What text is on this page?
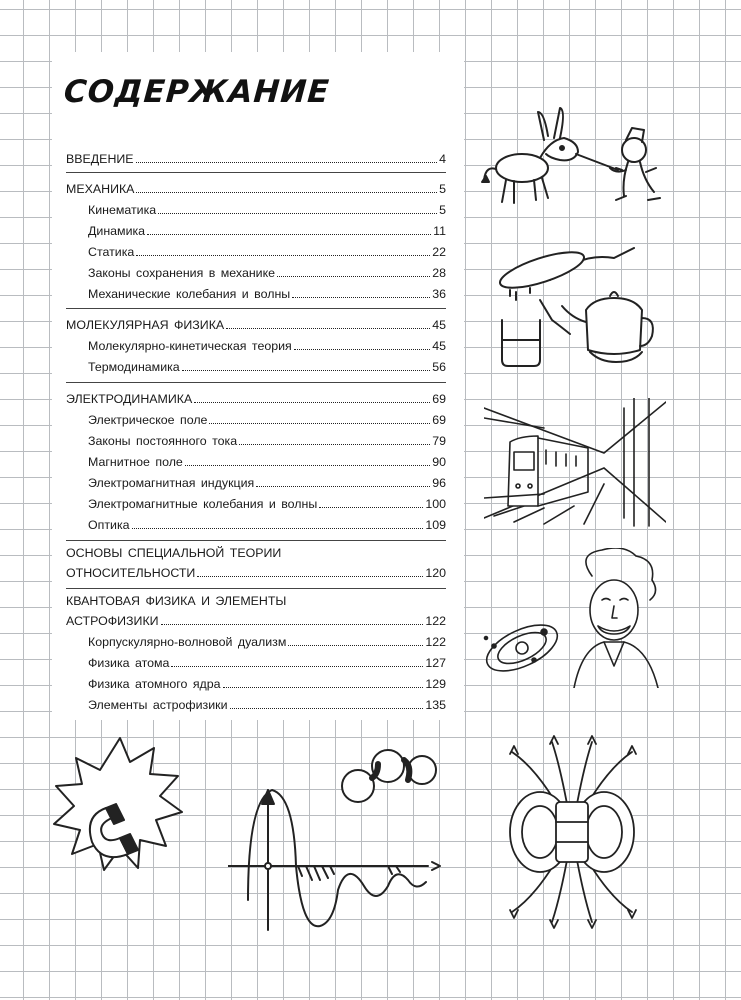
СОДЕРЖАНИЕ
ВВЕДЕНИЕ	4
МЕХАНИКА	5
Кинематика	5
Динамика	11
Статика	22
Законы сохранения в механике	28
Механические колебания и волны	36
МОЛЕКУЛЯРНАЯ ФИЗИКА	45
Молекулярно-кинетическая теория	45
Термодинамика	56
ЭЛЕКТРОДИНАМИКА	69
Электрическое поле	69
Законы постоянного тока	79
Магнитное поле	90
Электромагнитная индукция	96
Электромагнитные колебания и волны	100
Оптика	109
ОСНОВЫ СПЕЦИАЛЬНОЙ ТЕОРИИ
ОТНОСИТЕЛЬНОСТИ	120
КВАНТОВАЯ ФИЗИКА И ЭЛЕМЕНТЫ
АСТРОФИЗИКИ	122
Корпускулярно-волновой дуализм	122
Физика атома	127
Физика атомного ядра	129
Элементы астрофизики	135
